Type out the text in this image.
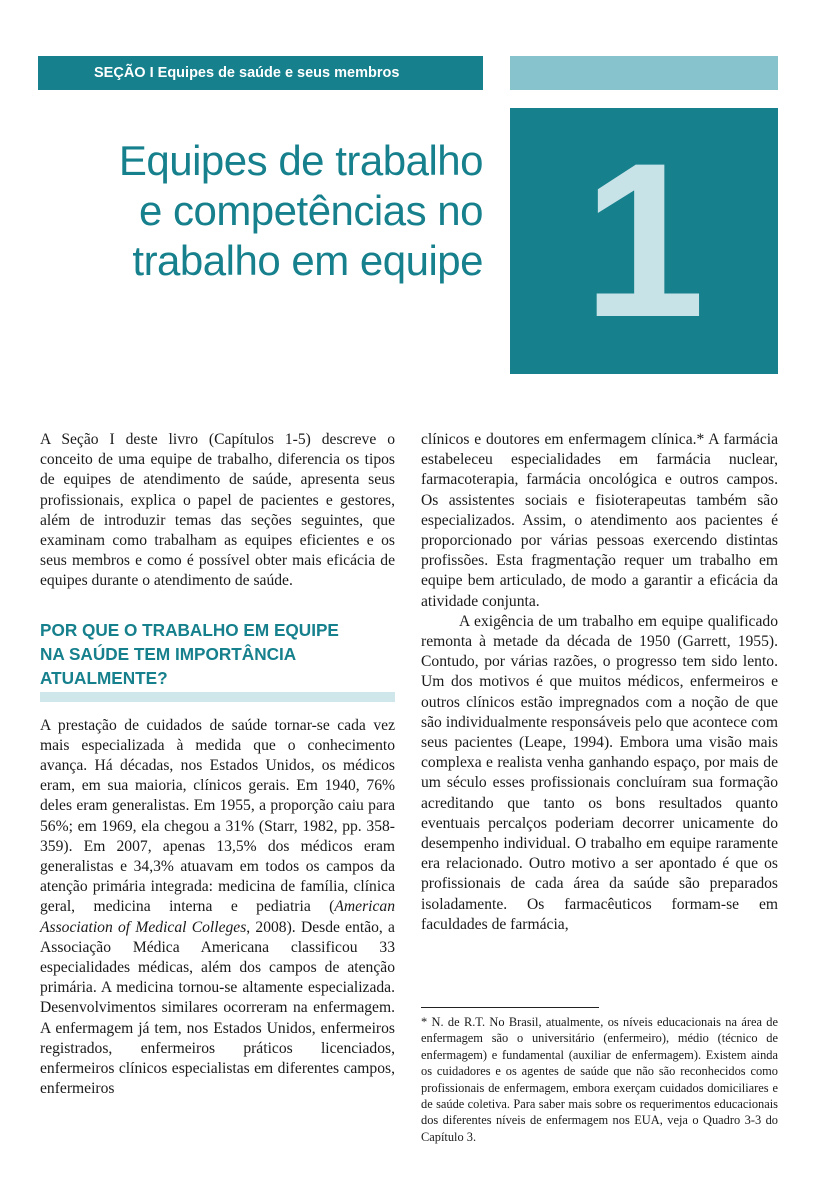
SEÇÃO I Equipes de saúde e seus membros
1
Equipes de trabalho
e competências no
trabalho em equipe

A Seção I deste livro (Capítulos 1-5) descreve o conceito de uma equipe de trabalho, diferencia os tipos de equipes de atendimento de saúde, apresenta seus profissionais, explica o papel de pacientes e gestores, além de introduzir temas das seções seguintes, que examinam como trabalham as equipes eficientes e os seus membros e como é possível obter mais eficácia de equipes durante o atendimento de saúde.

POR QUE O TRABALHO EM EQUIPE
NA SAÚDE TEM IMPORTÂNCIA
ATUALMENTE?

A prestação de cuidados de saúde tornar-se cada vez mais especializada à medida que o conhecimento avança. Há décadas, nos Estados Unidos, os médicos eram, em sua maioria, clínicos gerais. Em 1940, 76% deles eram generalistas. Em 1955, a proporção caiu para 56%; em 1969, ela chegou a 31% (Starr, 1982, pp. 358-359). Em 2007, apenas 13,5% dos médicos eram generalistas e 34,3% atuavam em todos os campos da atenção primária integrada: medicina de família, clínica geral, medicina interna e pediatria (American Association of Medical Colleges, 2008). Desde então, a Associação Médica Americana classificou 33 especialidades médicas, além dos campos de atenção primária. A medicina tornou-se altamente especializada. Desenvolvimentos similares ocorreram na enfermagem. A enfermagem já tem, nos Estados Unidos, enfermeiros registrados, enfermeiros práticos licenciados, enfermeiros clínicos especialistas em diferentes campos, enfermeiros

clínicos e doutores em enfermagem clínica.* A farmácia estabeleceu especialidades em farmácia nuclear, farmacoterapia, farmácia oncológica e outros campos. Os assistentes sociais e fisioterapeutas também são especializados. Assim, o atendimento aos pacientes é proporcionado por várias pessoas exercendo distintas profissões. Esta fragmentação requer um trabalho em equipe bem articulado, de modo a garantir a eficácia da atividade conjunta.

A exigência de um trabalho em equipe qualificado remonta à metade da década de 1950 (Garrett, 1955). Contudo, por várias razões, o progresso tem sido lento. Um dos motivos é que muitos médicos, enfermeiros e outros clínicos estão impregnados com a noção de que são individualmente responsáveis pelo que acontece com seus pacientes (Leape, 1994). Embora uma visão mais complexa e realista venha ganhando espaço, por mais de um século esses profissionais concluíram sua formação acreditando que tanto os bons resultados quanto eventuais percalços poderiam decorrer unicamente do desempenho individual. O trabalho em equipe raramente era relacionado. Outro motivo a ser apontado é que os profissionais de cada área da saúde são preparados isoladamente. Os farmacêuticos formam-se em faculdades de farmácia,

* N. de R.T. No Brasil, atualmente, os níveis educacionais na área de enfermagem são o universitário (enfermeiro), médio (técnico de enfermagem) e fundamental (auxiliar de enfermagem). Existem ainda os cuidadores e os agentes de saúde que não são reconhecidos como profissionais de enfermagem, embora exerçam cuidados domiciliares e de saúde coletiva. Para saber mais sobre os requerimentos educacionais dos diferentes níveis de enfermagem nos EUA, veja o Quadro 3-3 do Capítulo 3.
